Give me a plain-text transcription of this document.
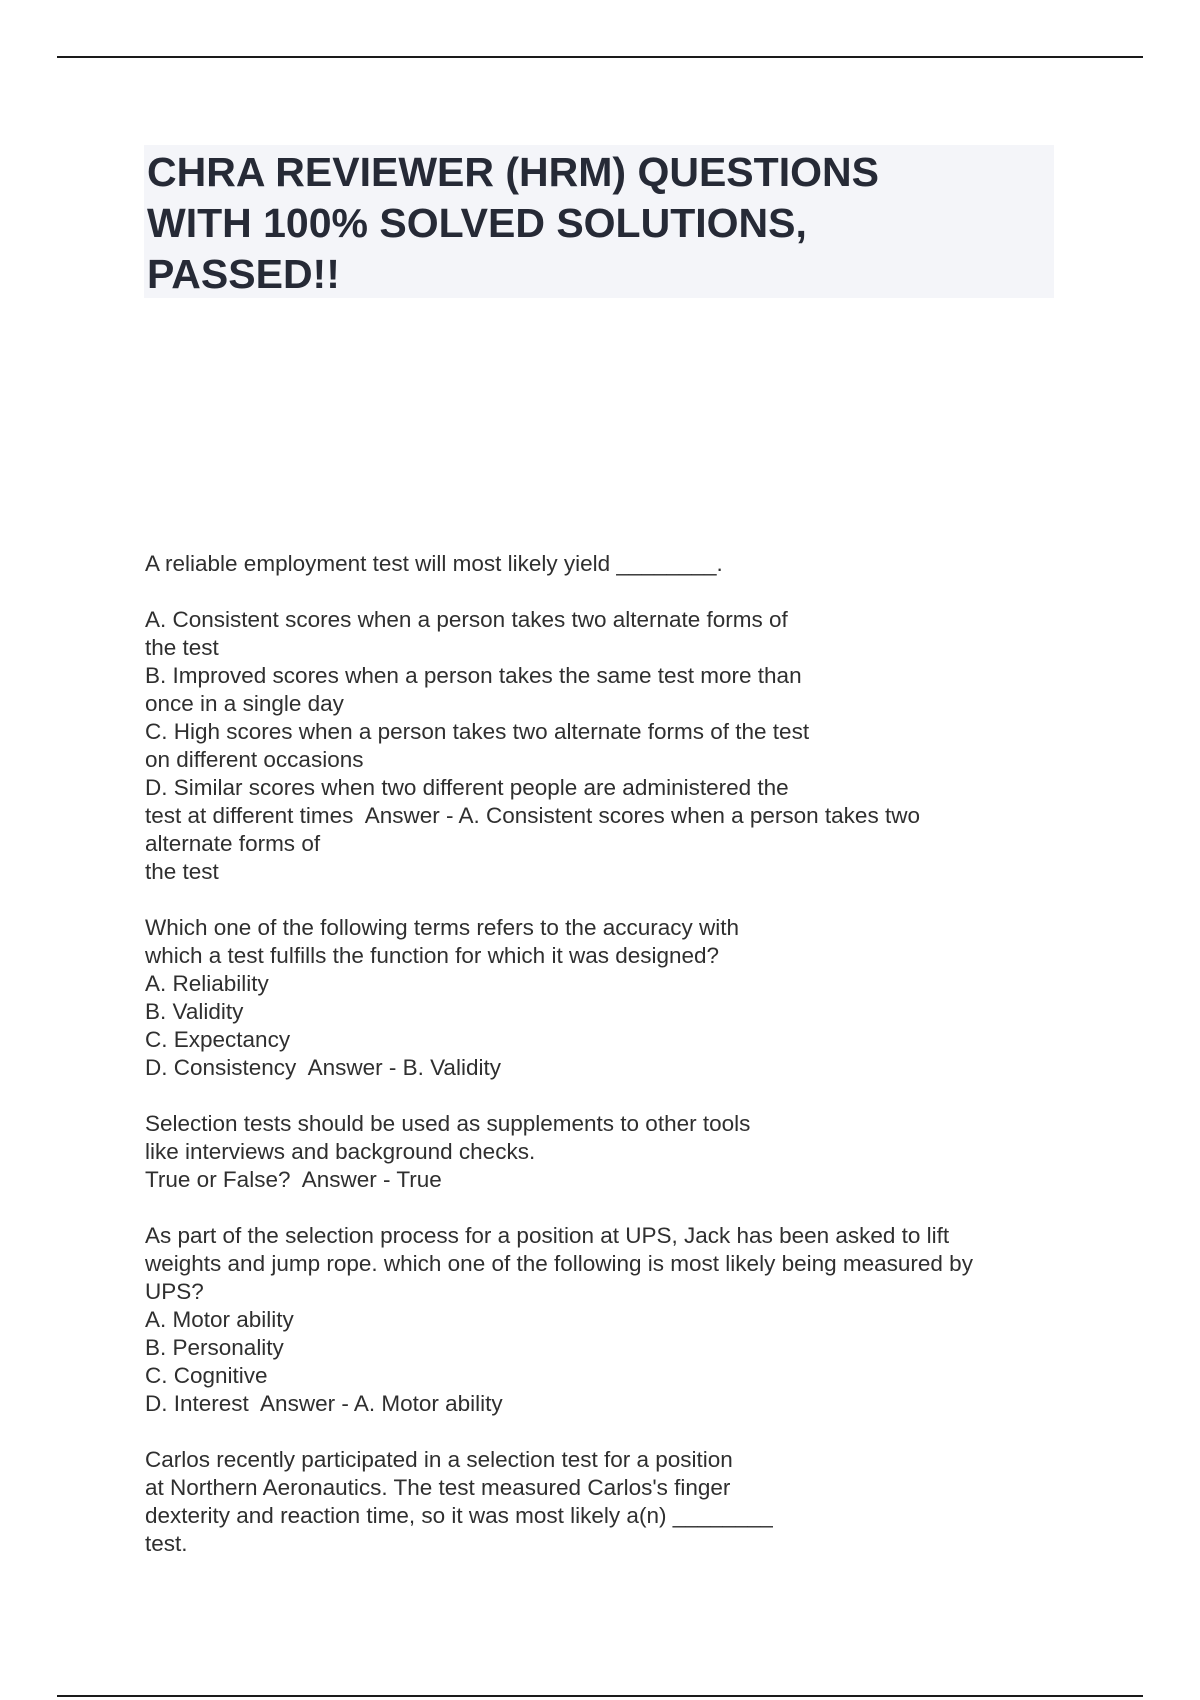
CHRA REVIEWER (HRM) QUESTIONS
WITH 100% SOLVED SOLUTIONS,
PASSED!!
A reliable employment test will most likely yield ________.
A. Consistent scores when a person takes two alternate forms of
the test
B. Improved scores when a person takes the same test more than
once in a single day
C. High scores when a person takes two alternate forms of the test
on different occasions
D. Similar scores when two different people are administered the
test at different times  Answer - A. Consistent scores when a person takes two
alternate forms of
the test
Which one of the following terms refers to the accuracy with
which a test fulfills the function for which it was designed?
A. Reliability
B. Validity
C. Expectancy
D. Consistency  Answer - B. Validity
Selection tests should be used as supplements to other tools
like interviews and background checks.
True or False?  Answer - True
As part of the selection process for a position at UPS, Jack has been asked to lift
weights and jump rope. which one of the following is most likely being measured by
UPS?
A. Motor ability
B. Personality
C. Cognitive
D. Interest  Answer - A. Motor ability
Carlos recently participated in a selection test for a position
at Northern Aeronautics. The test measured Carlos's finger
dexterity and reaction time, so it was most likely a(n) ________
test.
